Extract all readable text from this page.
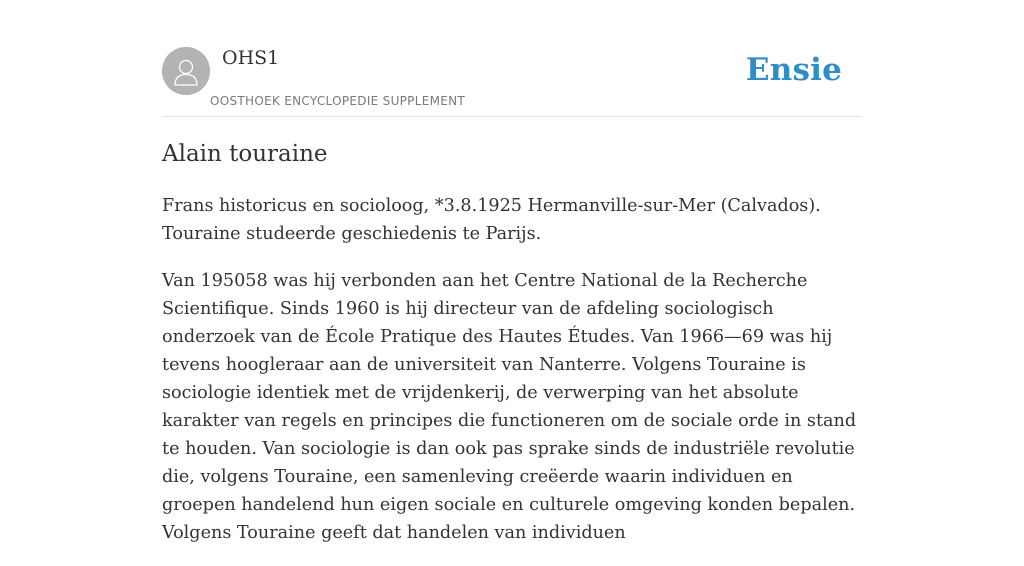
OHS1
OOSTHOEK ENCYCLOPEDIE SUPPLEMENT
Ensie
Alain touraine

Frans historicus en socioloog, *3.8.1925 Hermanville-sur-Mer (Calvados). Touraine studeerde geschiedenis te Parijs.

Van 195058 was hij verbonden aan het Centre National de la Recherche Scientifique. Sinds 1960 is hij directeur van de afdeling sociologisch onderzoek van de École Pratique des Hautes Études. Van 1966—69 was hij tevens hoogleraar aan de universiteit van Nanterre. Volgens Touraine is sociologie identiek met de vrijdenkerij, de verwerping van het absolute karakter van regels en principes die functioneren om de sociale orde in stand te houden. Van sociologie is dan ook pas sprake sinds de industriële revolutie die, volgens Touraine, een samenleving creëerde waarin individuen en groepen handelend hun eigen sociale en culturele omgeving konden bepalen. Volgens Touraine geeft dat handelen van individuen
